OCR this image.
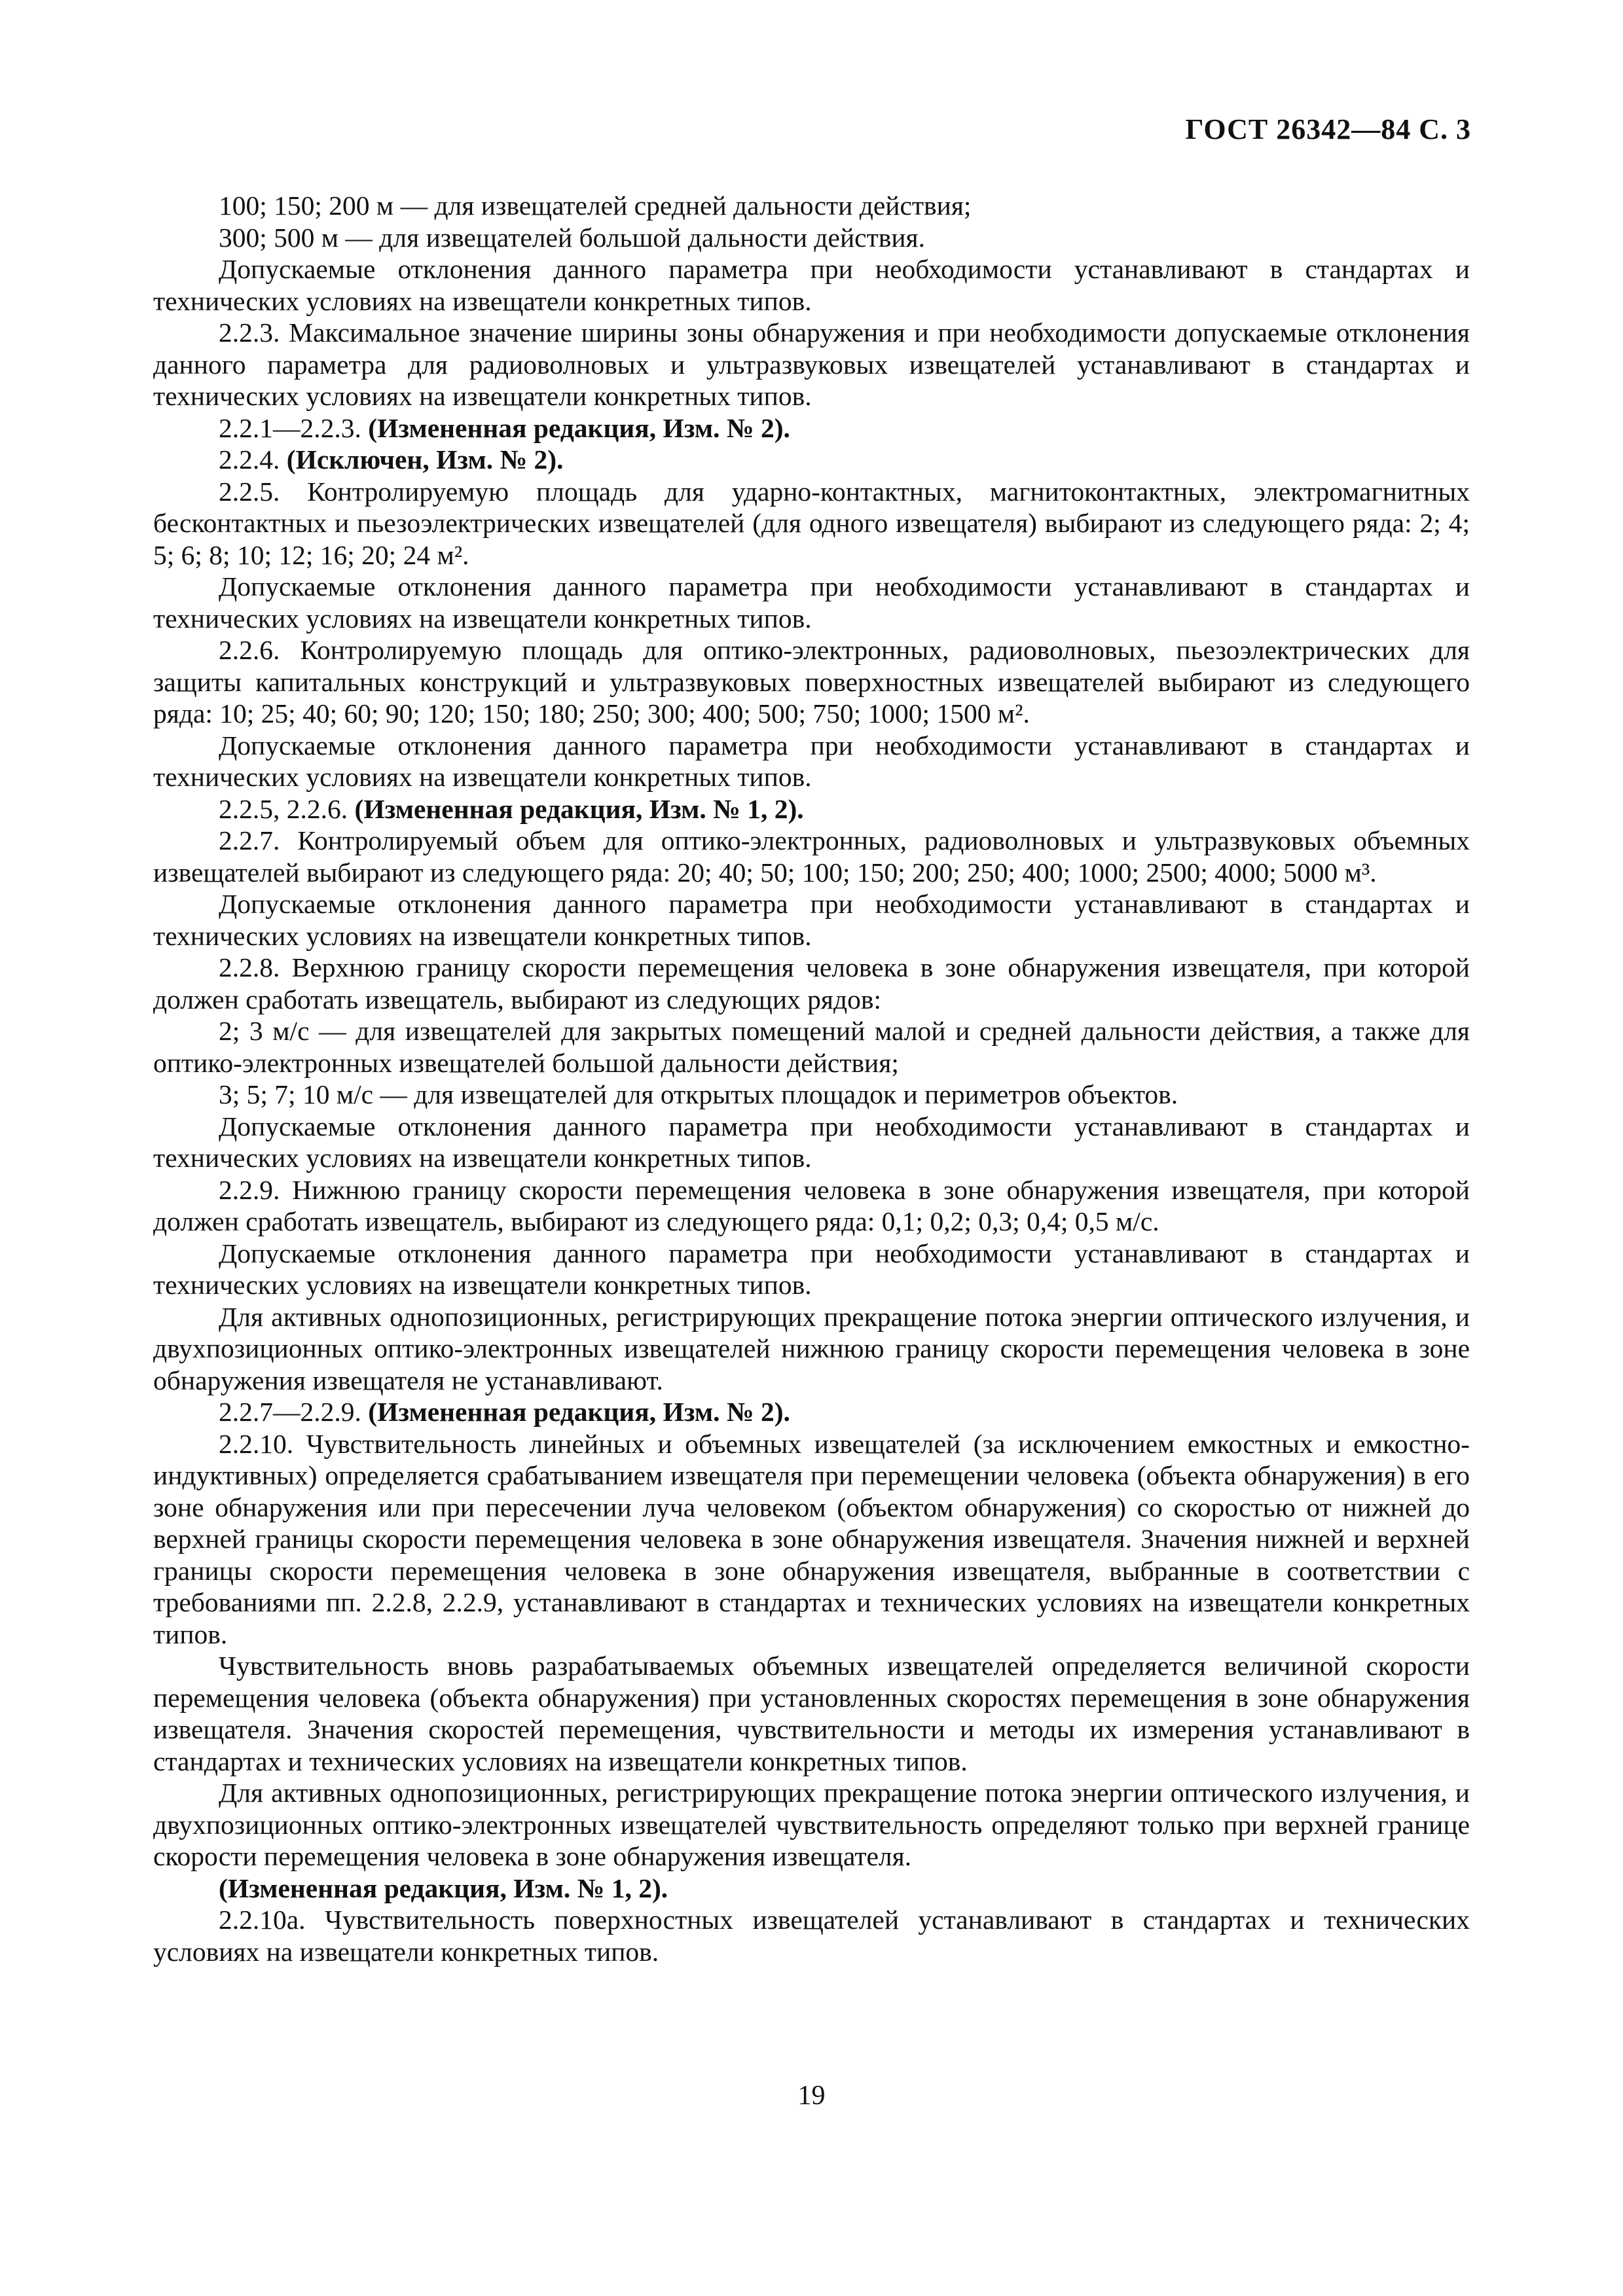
ГОСТ 26342—84 С. 3

100; 150; 200 м — для извещателей средней дальности действия;

300; 500 м — для извещателей большой дальности действия.

Допускаемые отклонения данного параметра при необходимости устанавливают в стандартах и технических условиях на извещатели конкретных типов.

2.2.3. Максимальное значение ширины зоны обнаружения и при необходимости допускаемые отклонения данного параметра для радиоволновых и ультразвуковых извещателей устанавливают в стандартах и технических условиях на извещатели конкретных типов.

2.2.1—2.2.3. (Измененная редакция, Изм. № 2).

2.2.4. (Исключен, Изм. № 2).

2.2.5. Контролируемую площадь для ударно-контактных, магнитоконтактных, электромагнитных бесконтактных и пьезоэлектрических извещателей (для одного извещателя) выбирают из следующего ряда: 2; 4; 5; 6; 8; 10; 12; 16; 20; 24 м².

Допускаемые отклонения данного параметра при необходимости устанавливают в стандартах и технических условиях на извещатели конкретных типов.

2.2.6. Контролируемую площадь для оптико-электронных, радиоволновых, пьезоэлектрических для защиты капитальных конструкций и ультразвуковых поверхностных извещателей выбирают из следующего ряда: 10; 25; 40; 60; 90; 120; 150; 180; 250; 300; 400; 500; 750; 1000; 1500 м².

Допускаемые отклонения данного параметра при необходимости устанавливают в стандартах и технических условиях на извещатели конкретных типов.

2.2.5, 2.2.6. (Измененная редакция, Изм. № 1, 2).

2.2.7. Контролируемый объем для оптико-электронных, радиоволновых и ультразвуковых объемных извещателей выбирают из следующего ряда: 20; 40; 50; 100; 150; 200; 250; 400; 1000; 2500; 4000; 5000 м³.

Допускаемые отклонения данного параметра при необходимости устанавливают в стандартах и технических условиях на извещатели конкретных типов.

2.2.8. Верхнюю границу скорости перемещения человека в зоне обнаружения извещателя, при которой должен сработать извещатель, выбирают из следующих рядов:

2; 3 м/с — для извещателей для закрытых помещений малой и средней дальности действия, а также для оптико-электронных извещателей большой дальности действия;

3; 5; 7; 10 м/с — для извещателей для открытых площадок и периметров объектов.

Допускаемые отклонения данного параметра при необходимости устанавливают в стандартах и технических условиях на извещатели конкретных типов.

2.2.9. Нижнюю границу скорости перемещения человека в зоне обнаружения извещателя, при которой должен сработать извещатель, выбирают из следующего ряда: 0,1; 0,2; 0,3; 0,4; 0,5 м/с.

Допускаемые отклонения данного параметра при необходимости устанавливают в стандартах и технических условиях на извещатели конкретных типов.

Для активных однопозиционных, регистрирующих прекращение потока энергии оптического излучения, и двухпозиционных оптико-электронных извещателей нижнюю границу скорости перемещения человека в зоне обнаружения извещателя не устанавливают.

2.2.7—2.2.9. (Измененная редакция, Изм. № 2).

2.2.10. Чувствительность линейных и объемных извещателей (за исключением емкостных и емкостно-индуктивных) определяется срабатыванием извещателя при перемещении человека (объекта обнаружения) в его зоне обнаружения или при пересечении луча человеком (объектом обнаружения) со скоростью от нижней до верхней границы скорости перемещения человека в зоне обнаружения извещателя. Значения нижней и верхней границы скорости перемещения человека в зоне обнаружения извещателя, выбранные в соответствии с требованиями пп. 2.2.8, 2.2.9, устанавливают в стандартах и технических условиях на извещатели конкретных типов.

Чувствительность вновь разрабатываемых объемных извещателей определяется величиной скорости перемещения человека (объекта обнаружения) при установленных скоростях перемещения в зоне обнаружения извещателя. Значения скоростей перемещения, чувствительности и методы их измерения устанавливают в стандартах и технических условиях на извещатели конкретных типов.

Для активных однопозиционных, регистрирующих прекращение потока энергии оптического излучения, и двухпозиционных оптико-электронных извещателей чувствительность определяют только при верхней границе скорости перемещения человека в зоне обнаружения извещателя.

(Измененная редакция, Изм. № 1, 2).

2.2.10а. Чувствительность поверхностных извещателей устанавливают в стандартах и технических условиях на извещатели конкретных типов.

19
